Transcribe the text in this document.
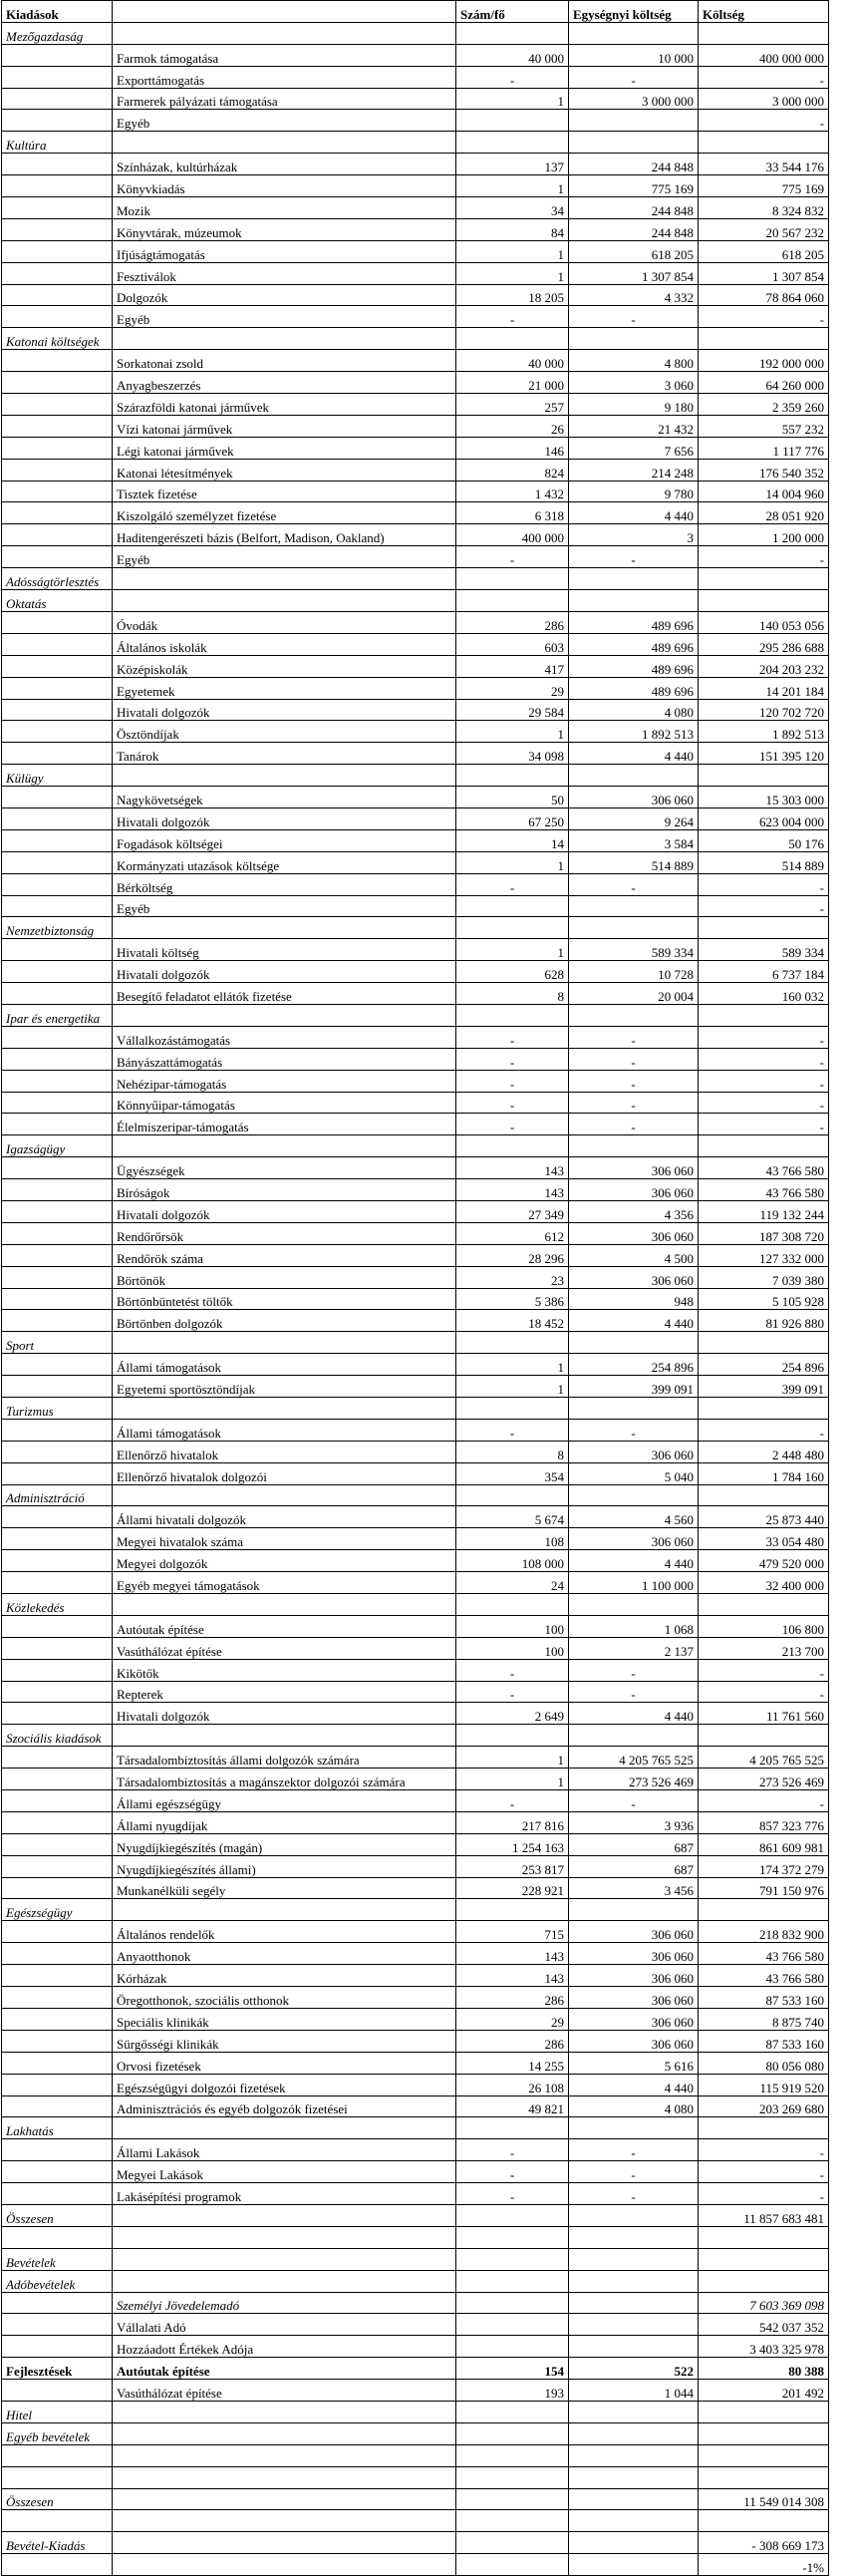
Kiadások		Szám/fő	Egységnyi költség	Költség
Mezőgazdaság				
	Farmok támogatása	40 000	10 000	400 000 000
	Exporttámogatás	-	-	-
	Farmerek pályázati támogatása	1	3 000 000	3 000 000
	Egyéb			-
Kultúra				
	Színházak, kultúrházak	137	244 848	33 544 176
	Könyvkiadás	1	775 169	775 169
	Mozik	34	244 848	8 324 832
	Könyvtárak, múzeumok	84	244 848	20 567 232
	Ifjúságtámogatás	1	618 205	618 205
	Fesztiválok	1	1 307 854	1 307 854
	Dolgozók	18 205	4 332	78 864 060
	Egyéb	-	-	-
Katonai költségek				
	Sorkatonai zsold	40 000	4 800	192 000 000
	Anyagbeszerzés	21 000	3 060	64 260 000
	Szárazföldi katonai járművek	257	9 180	2 359 260
	Vízi katonai járművek	26	21 432	557 232
	Légi katonai járművek	146	7 656	1 117 776
	Katonai létesítmények	824	214 248	176 540 352
	Tisztek fizetése	1 432	9 780	14 004 960
	Kiszolgáló személyzet fizetése	6 318	4 440	28 051 920
	Haditengerészeti bázis (Belfort, Madison, Oakland)	400 000	3	1 200 000
	Egyéb	-	-	-
Adósságtörlesztés				
Oktatás				
	Óvodák	286	489 696	140 053 056
	Általános iskolák	603	489 696	295 286 688
	Középiskolák	417	489 696	204 203 232
	Egyetemek	29	489 696	14 201 184
	Hivatali dolgozók	29 584	4 080	120 702 720
	Ösztöndíjak	1	1 892 513	1 892 513
	Tanárok	34 098	4 440	151 395 120
Külügy				
	Nagykövetségek	50	306 060	15 303 000
	Hivatali dolgozók	67 250	9 264	623 004 000
	Fogadások költségei	14	3 584	50 176
	Kormányzati utazások költsége	1	514 889	514 889
	Bérköltség	-	-	-
	Egyéb			-
Nemzetbiztonság				
	Hivatali költség	1	589 334	589 334
	Hivatali dolgozók	628	10 728	6 737 184
	Besegítő feladatot ellátók fizetése	8	20 004	160 032
Ipar és energetika				
	Vállalkozástámogatás	-	-	-
	Bányászattámogatás	-	-	-
	Nehézipar-támogatás	-	-	-
	Könnyűipar-támogatás	-	-	-
	Élelmiszeripar-támogatás	-	-	-
Igazságügy				
	Ügyészségek	143	306 060	43 766 580
	Bíróságok	143	306 060	43 766 580
	Hivatali dolgozók	27 349	4 356	119 132 244
	Rendőrőrsök	612	306 060	187 308 720
	Rendőrök száma	28 296	4 500	127 332 000
	Börtönök	23	306 060	7 039 380
	Börtönbüntetést töltők	5 386	948	5 105 928
	Börtönben dolgozók	18 452	4 440	81 926 880
Sport				
	Állami támogatások	1	254 896	254 896
	Egyetemi sportösztöndíjak	1	399 091	399 091
Turizmus				
	Állami támogatások	-	-	-
	Ellenőrző hivatalok	8	306 060	2 448 480
	Ellenőrző hivatalok dolgozói	354	5 040	1 784 160
Adminisztráció				
	Állami hivatali dolgozók	5 674	4 560	25 873 440
	Megyei hivatalok száma	108	306 060	33 054 480
	Megyei dolgozók	108 000	4 440	479 520 000
	Egyéb megyei támogatások	24	1 100 000	32 400 000
Közlekedés				
	Autóutak építése	100	1 068	106 800
	Vasúthálózat építése	100	2 137	213 700
	Kikötők	-	-	-
	Repterek	-	-	-
	Hivatali dolgozók	2 649	4 440	11 761 560
Szociális kiadások				
	Társadalombiztosítás állami dolgozók számára	1	4 205 765 525	4 205 765 525
	Társadalombiztosítás a magánszektor dolgozói számára	1	273 526 469	273 526 469
	Állami egészségügy	-	-	-
	Állami nyugdíjak	217 816	3 936	857 323 776
	Nyugdíjkiegészítés (magán)	1 254 163	687	861 609 981
	Nyugdíjkiegészítés állami)	253 817	687	174 372 279
	Munkanélküli segély	228 921	3 456	791 150 976
Egészségügy				
	Általános rendelők	715	306 060	218 832 900
	Anyaotthonok	143	306 060	43 766 580
	Kórházak	143	306 060	43 766 580
	Öregotthonok, szociális otthonok	286	306 060	87 533 160
	Speciális klinikák	29	306 060	8 875 740
	Sürgősségi klinikák	286	306 060	87 533 160
	Orvosi fizetések	14 255	5 616	80 056 080
	Egészségügyi dolgozói fizetések	26 108	4 440	115 919 520
	Adminisztrációs és egyéb dolgozók fizetései	49 821	4 080	203 269 680
Lakhatás				
	Állami Lakások	-	-	-
	Megyei Lakások	-	-	-
	Lakásépítési programok	-	-	-
Összesen				11 857 683 481

Bevételek				
Adóbevételek				
	Személyi Jövedelemadó			7 603 369 098
	Vállalati Adó			542 037 352
	Hozzáadott Értékek Adója			3 403 325 978
Fejlesztések	Autóutak építése	154	522	80 388
	Vasúthálózat építése	193	1 044	201 492
Hitel				
Egyéb bevételek				

Összesen				11 549 014 308

Bevétel-Kiadás				- 308 669 173
				-1%
